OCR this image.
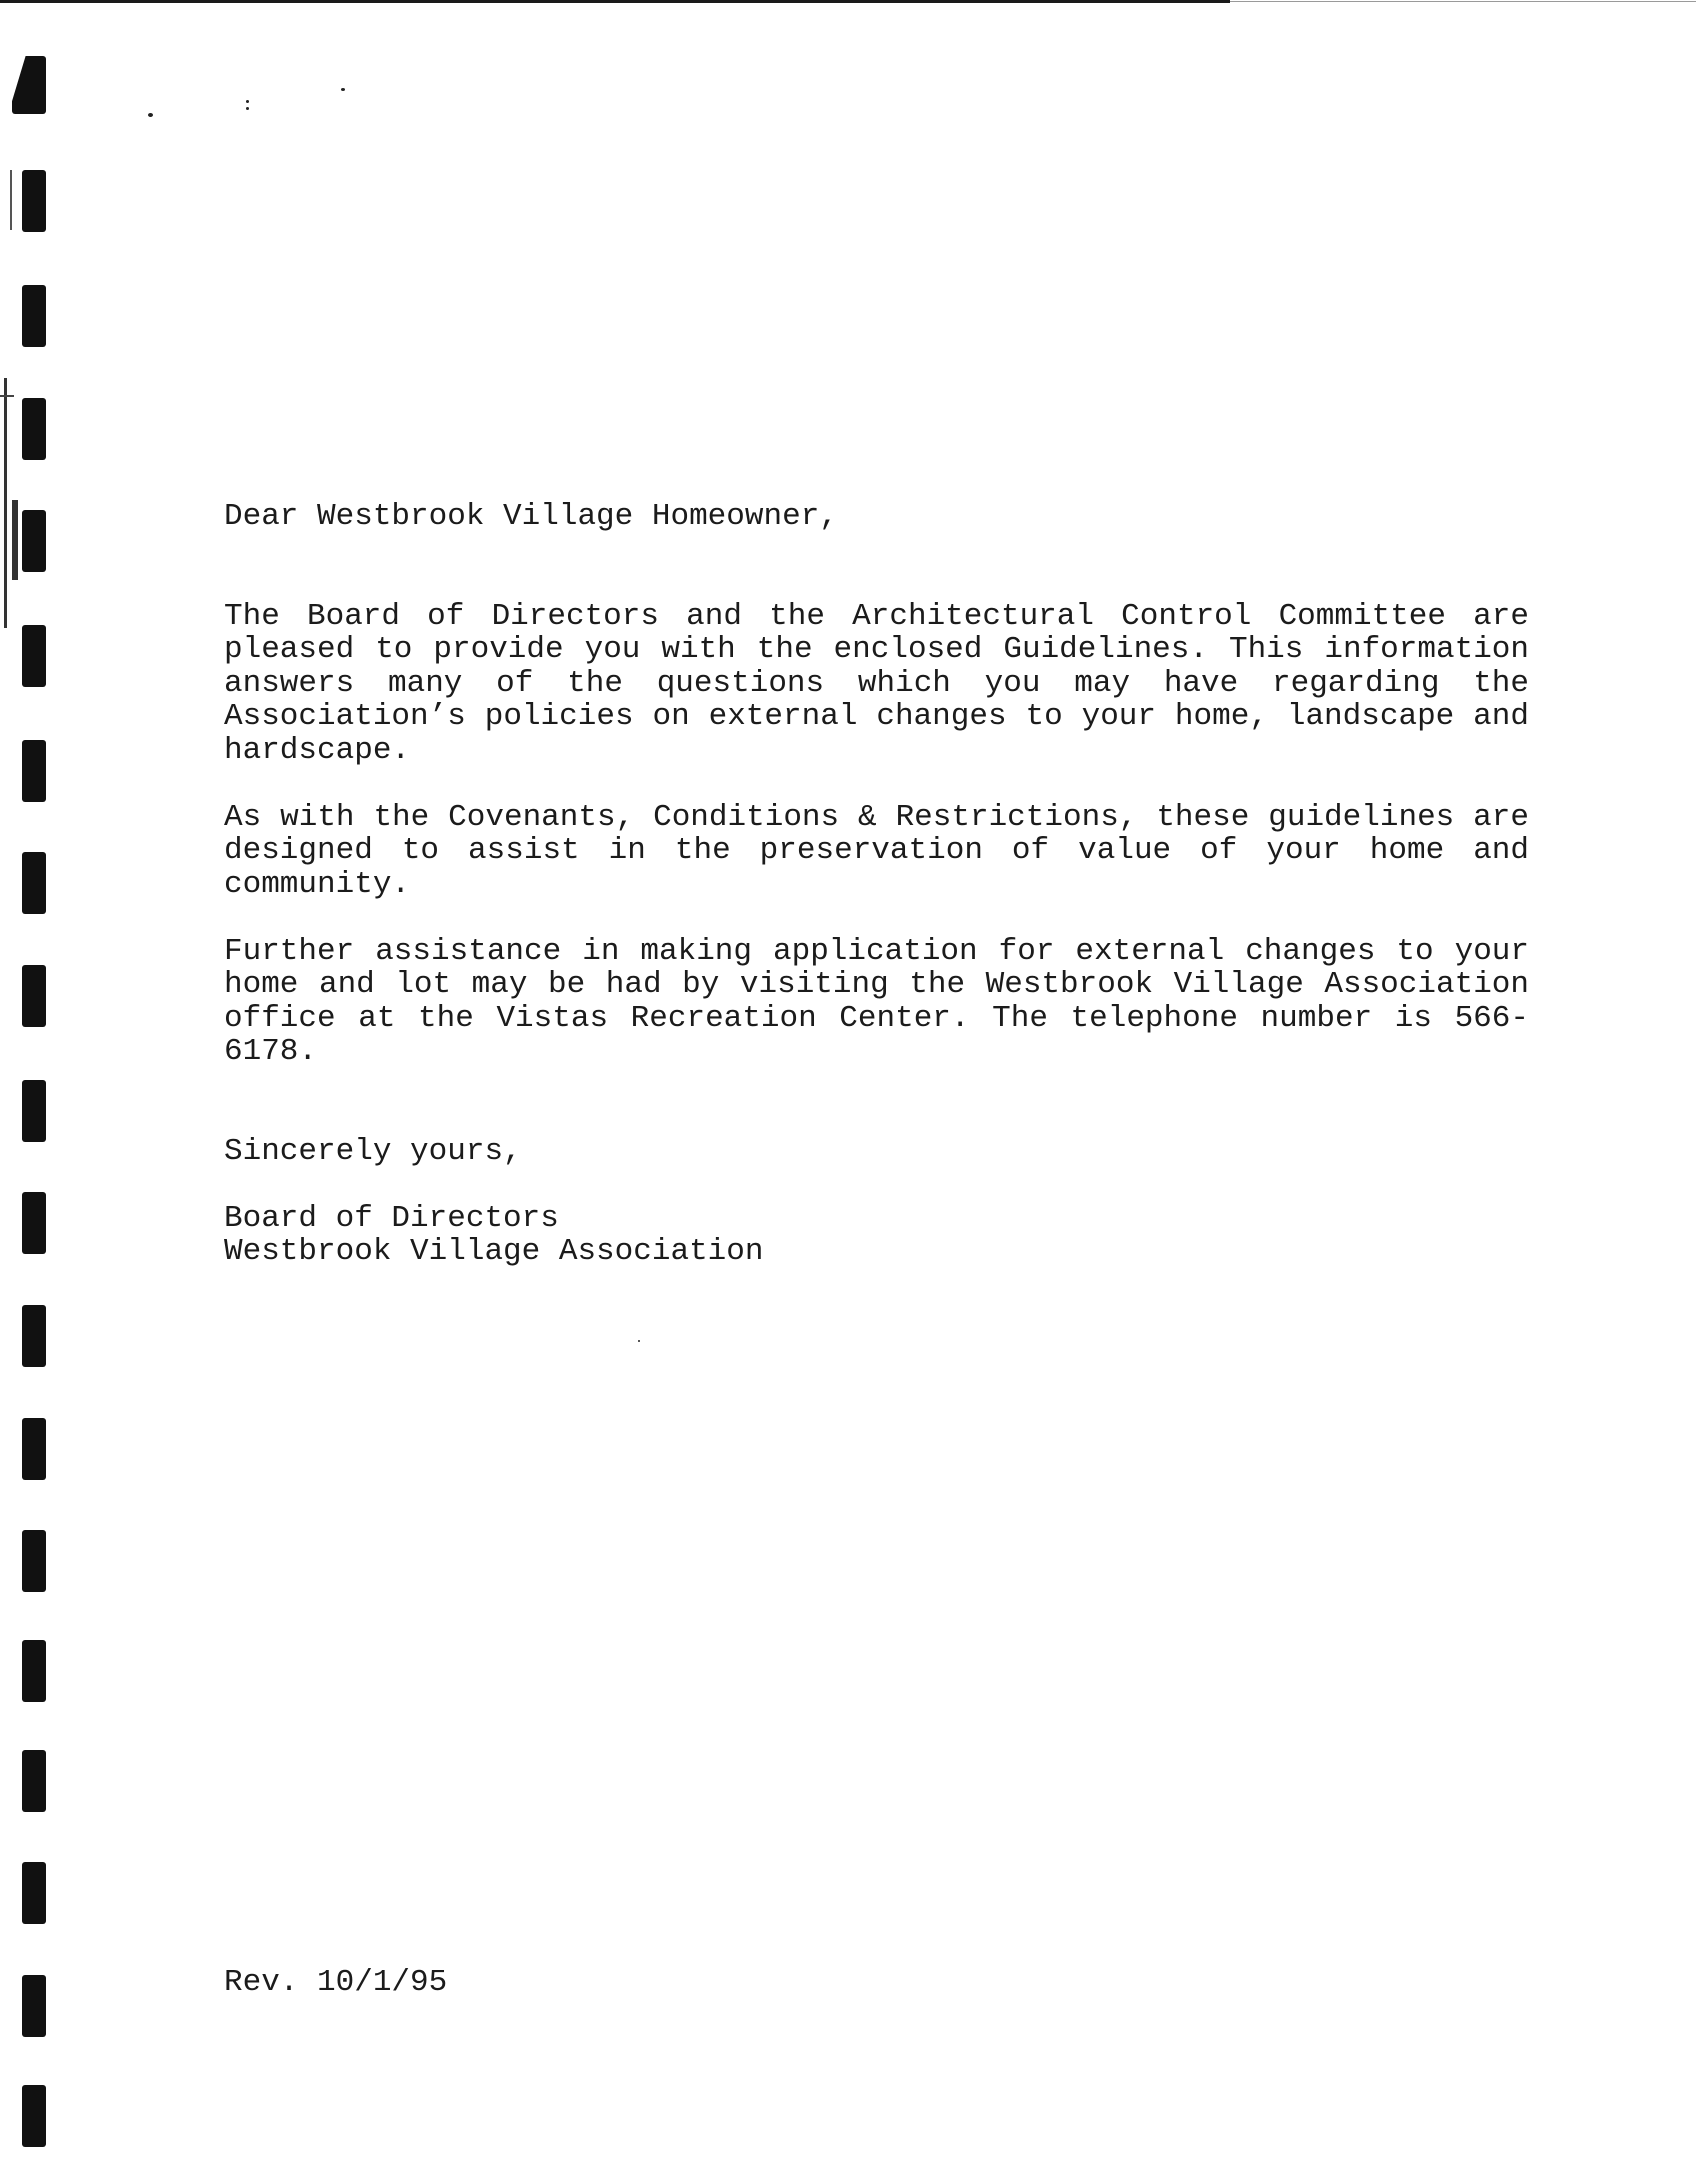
Dear Westbrook Village Homeowner,

The Board of Directors and the Architectural Control Committee are pleased to provide you with the enclosed Guidelines. This information answers many of the questions which you may have regarding the Association’s policies on external changes to your home, landscape and hardscape.

As with the Covenants, Conditions & Restrictions, these guidelines are designed to assist in the preservation of value of your home and community.

Further assistance in making application for external changes to your home and lot may be had by visiting the Westbrook Village Association office at the Vistas Recreation Center. The telephone number is 566-6178.

Sincerely yours,

Board of Directors

Westbrook Village Association

Rev. 10/1/95
